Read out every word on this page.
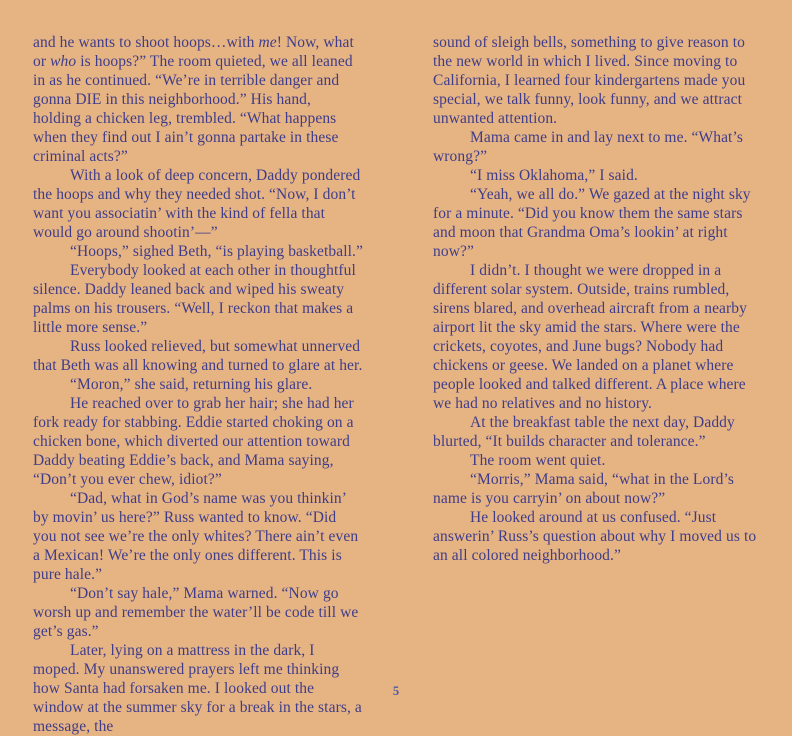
and he wants to shoot hoops…with me! Now, what or who is hoops?” The room quieted, we all leaned in as he continued. “We’re in terrible danger and gonna DIE in this neighborhood.” His hand, holding a chicken leg, trembled. “What happens when they find out I ain’t gonna partake in these criminal acts?”

With a look of deep concern, Daddy pondered the hoops and why they needed shot. “Now, I don’t want you associatin’ with the kind of fella that would go around shootin’—”

“Hoops,” sighed Beth, “is playing basketball.”

Everybody looked at each other in thoughtful silence. Daddy leaned back and wiped his sweaty palms on his trousers. “Well, I reckon that makes a little more sense.”

Russ looked relieved, but somewhat unnerved that Beth was all knowing and turned to glare at her.

“Moron,” she said, returning his glare.

He reached over to grab her hair; she had her fork ready for stabbing. Eddie started choking on a chicken bone, which diverted our attention toward Daddy beating Eddie’s back, and Mama saying, “Don’t you ever chew, idiot?”

“Dad, what in God’s name was you thinkin’ by movin’ us here?” Russ wanted to know. “Did you not see we’re the only whites? There ain’t even a Mexican! We’re the only ones different. This is pure hale.”

“Don’t say hale,” Mama warned. “Now go worsh up and remember the water’ll be code till we get’s gas.”

Later, lying on a mattress in the dark, I moped. My unanswered prayers left me thinking how Santa had forsaken me. I looked out the window at the summer sky for a break in the stars, a message, the

sound of sleigh bells, something to give reason to the new world in which I lived. Since moving to California, I learned four kindergartens made you special, we talk funny, look funny, and we attract unwanted attention.

Mama came in and lay next to me. “What’s wrong?”

“I miss Oklahoma,” I said.

“Yeah, we all do.” We gazed at the night sky for a minute. “Did you know them the same stars and moon that Grandma Oma’s lookin’ at right now?”

I didn’t. I thought we were dropped in a different solar system. Outside, trains rumbled, sirens blared, and overhead aircraft from a nearby airport lit the sky amid the stars. Where were the crickets, coyotes, and June bugs? Nobody had chickens or geese. We landed on a planet where people looked and talked different. A place where we had no relatives and no history.

At the breakfast table the next day, Daddy blurted, “It builds character and tolerance.”

The room went quiet.

“Morris,” Mama said, “what in the Lord’s name is you carryin’ on about now?”

He looked around at us confused. “Just answerin’ Russ’s question about why I moved us to an all colored neighborhood.”

5
